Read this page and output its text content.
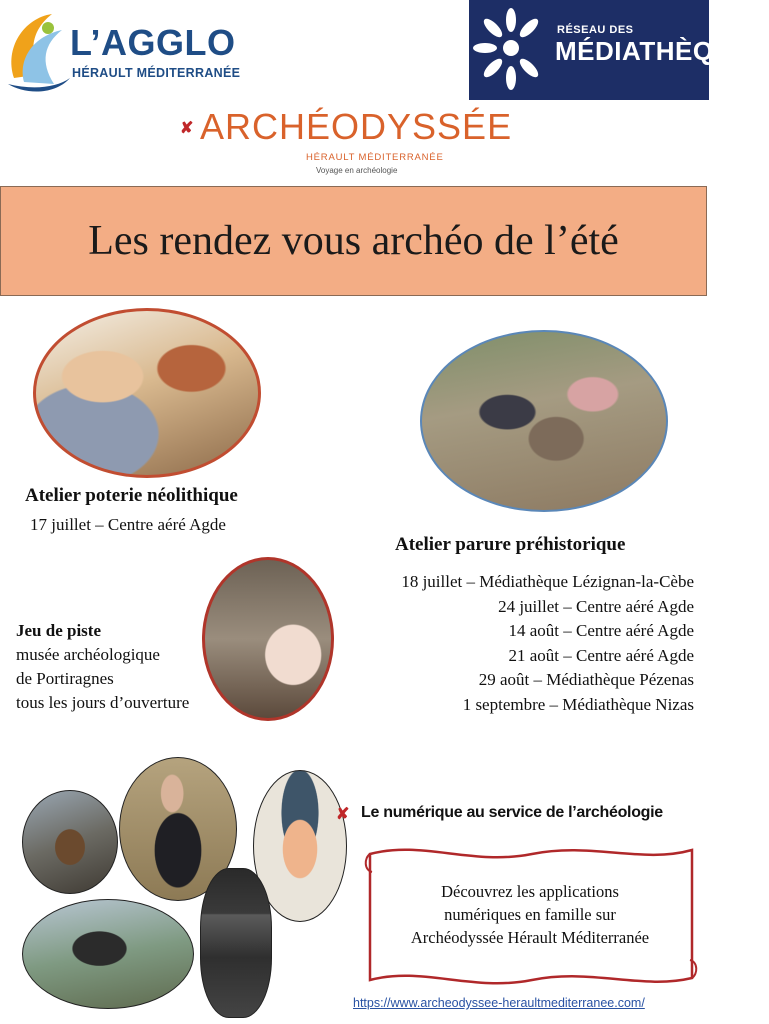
L’AGGLO
HÉRAULT MÉDITERRANÉE
RÉSEAU DES
MÉDIATHÈQUES
✘ ARCHÉODYSSÉE
HÉRAULT MÉDITERRANÉE
Voyage en archéologie
Les rendez vous archéo de l’été
Atelier poterie néolithique
17 juillet – Centre aéré Agde
Atelier parure préhistorique
18 juillet – Médiathèque Lézignan-la-Cèbe
24 juillet – Centre aéré Agde
14 août – Centre aéré Agde
21 août – Centre aéré Agde
29 août – Médiathèque Pézenas
1 septembre – Médiathèque Nizas
Jeu de piste
musée archéologique
de Portiragnes
tous les jours d’ouverture
✘ Le numérique au service de l’archéologie
Découvrez les applications
numériques en famille sur
Archéodyssée Hérault Méditerranée
https://www.archeodyssee-heraultmediterranee.com/
